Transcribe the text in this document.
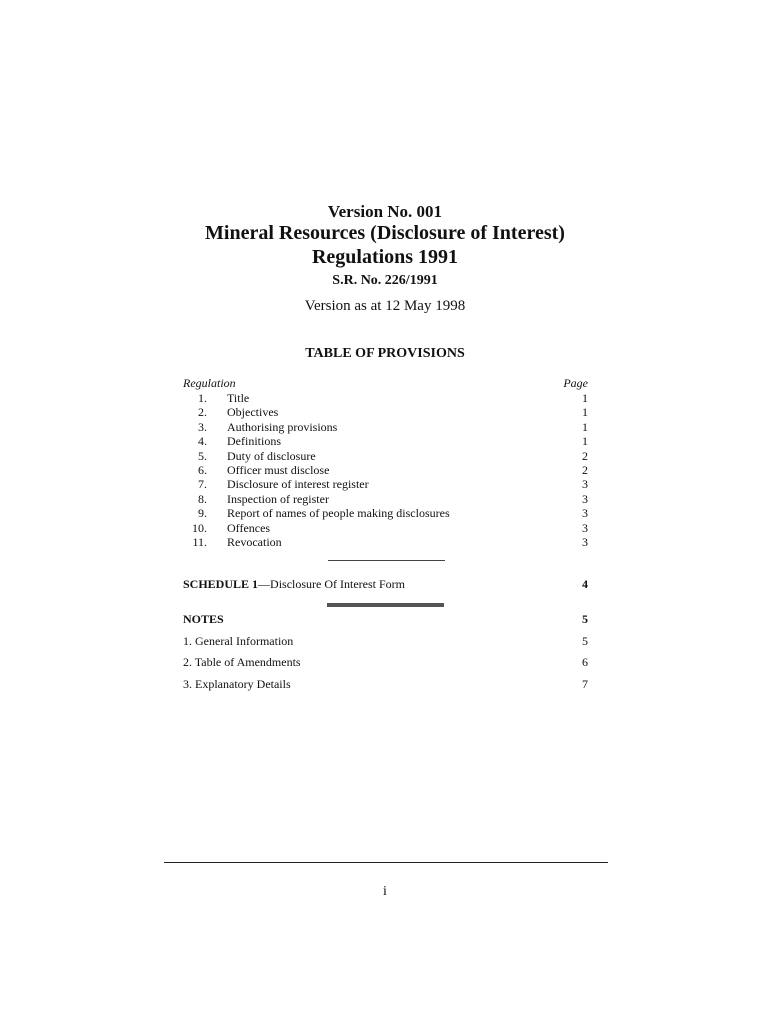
Version No. 001
Mineral Resources (Disclosure of Interest)
Regulations 1991
S.R. No. 226/1991
Version as at 12 May 1998
TABLE OF PROVISIONS
Regulation	Page
1.	Title	1
2.	Objectives	1
3.	Authorising provisions	1
4.	Definitions	1
5.	Duty of disclosure	2
6.	Officer must disclose	2
7.	Disclosure of interest register	3
8.	Inspection of register	3
9.	Report of names of people making disclosures	3
10.	Offences	3
11.	Revocation	3
SCHEDULE 1—Disclosure Of Interest Form	4
NOTES	5
1. General Information	5
2. Table of Amendments	6
3. Explanatory Details	7
i
